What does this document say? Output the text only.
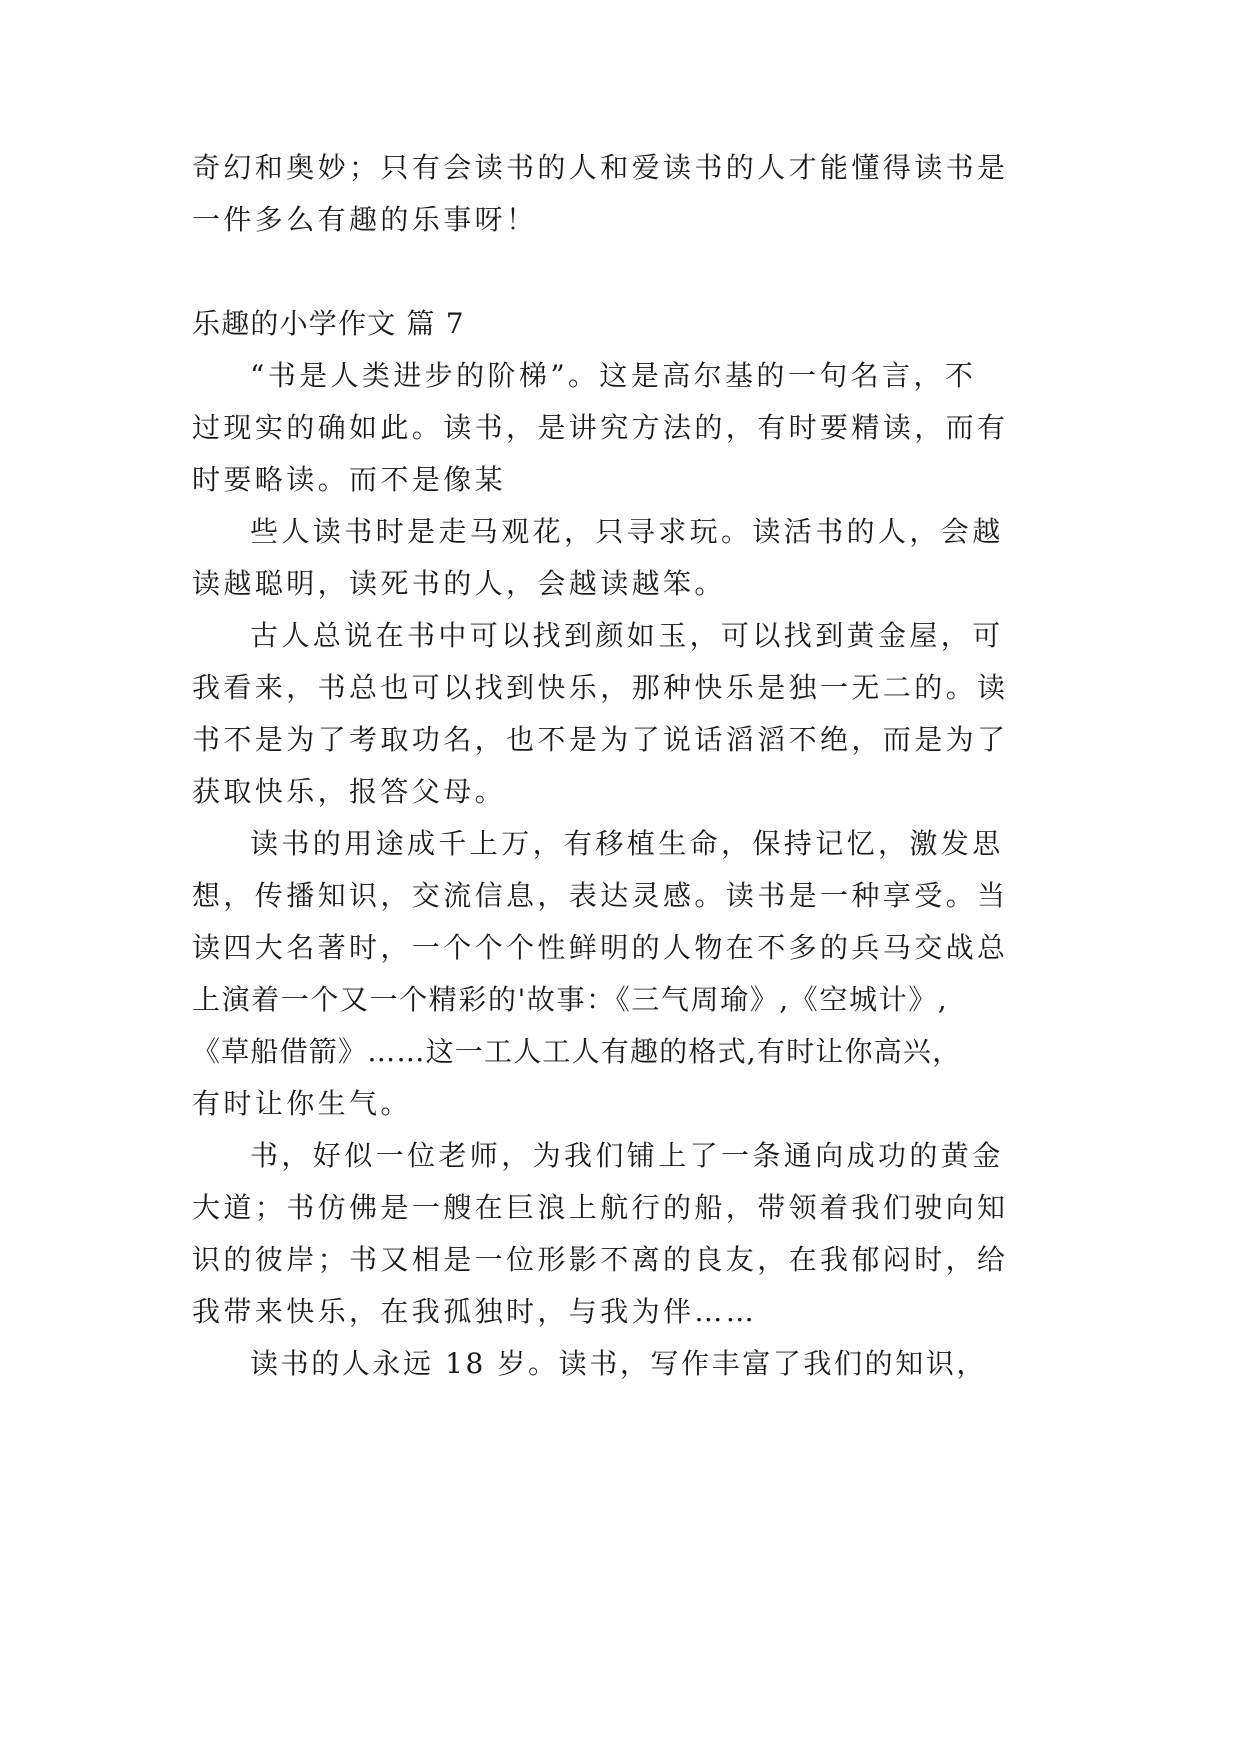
奇幻和奥妙；只有会读书的人和爱读书的人才能懂得读书是
一件多么有趣的乐事呀！
乐趣的小学作文 篇 7
“书是人类进步的阶梯”。这是高尔基的一句名言，不
过现实的确如此。读书，是讲究方法的，有时要精读，而有
时要略读。而不是像某
些人读书时是走马观花，只寻求玩。读活书的人，会越
读越聪明，读死书的人，会越读越笨。
古人总说在书中可以找到颜如玉，可以找到黄金屋，可
我看来，书总也可以找到快乐，那种快乐是独一无二的。读
书不是为了考取功名，也不是为了说话滔滔不绝，而是为了
获取快乐，报答父母。
读书的用途成千上万，有移植生命，保持记忆，激发思
想，传播知识，交流信息，表达灵感。读书是一种享受。当
读四大名著时，一个个个性鲜明的人物在不多的兵马交战总
上演着一个又一个精彩的'故事：《三气周瑜》,《空城计》,
《草船借箭》……这一工人工人有趣的格式,有时让你高兴，
有时让你生气。
书，好似一位老师，为我们铺上了一条通向成功的黄金
大道；书仿佛是一艘在巨浪上航行的船，带领着我们驶向知
识的彼岸；书又相是一位形影不离的良友，在我郁闷时，给
我带来快乐，在我孤独时，与我为伴……
读书的人永远 18 岁。读书，写作丰富了我们的知识，
